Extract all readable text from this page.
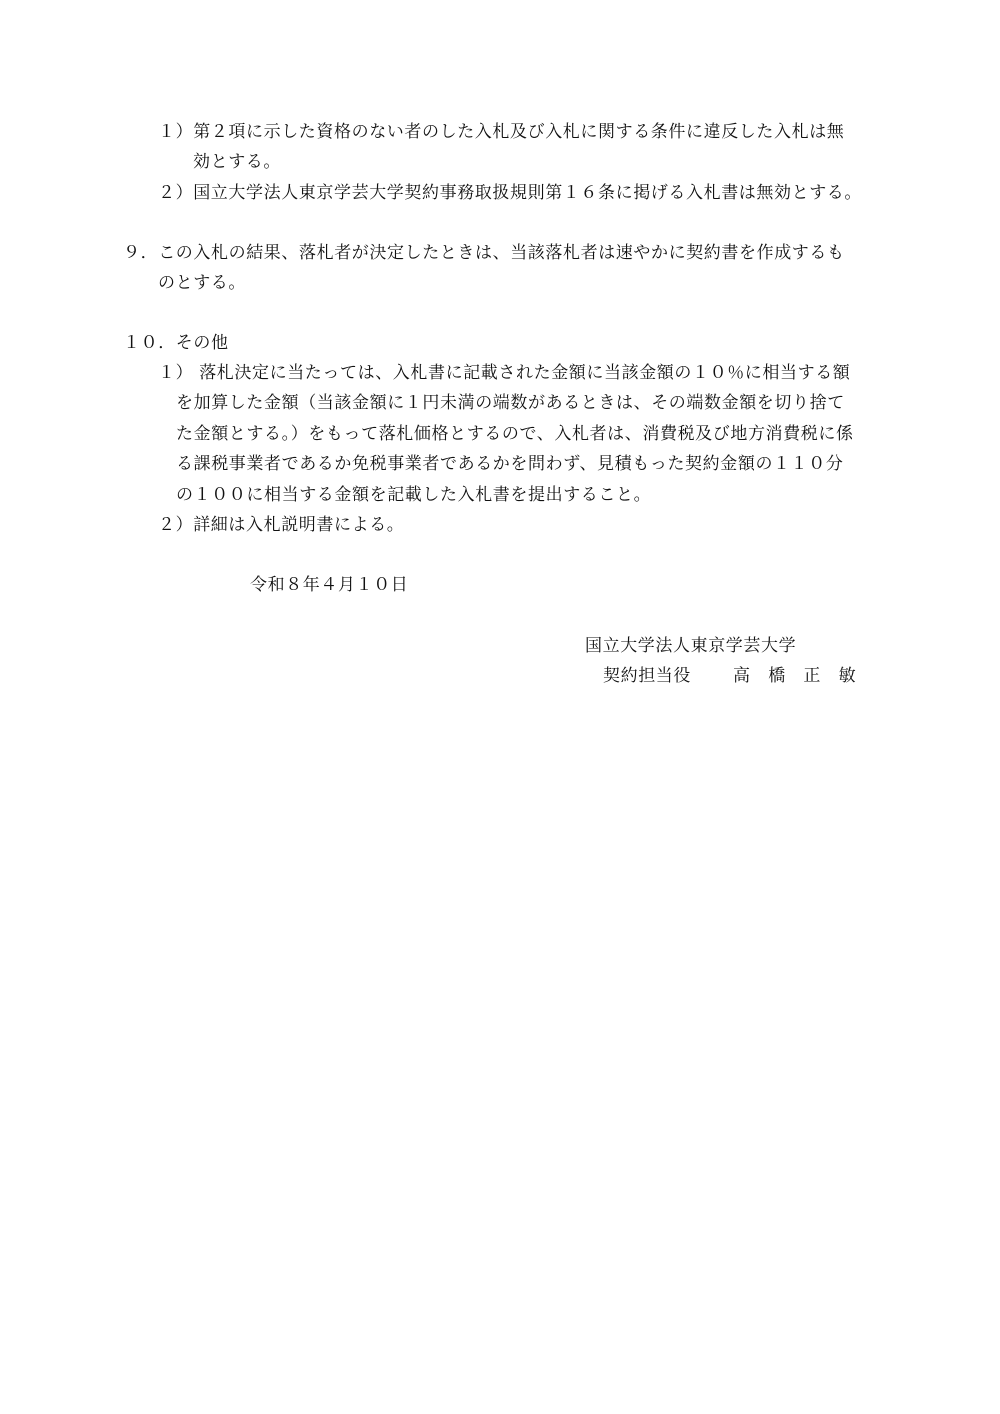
１）第２項に示した資格のない者のした入札及び入札に関する条件に違反した入札は無
効とする。
２）国立大学法人東京学芸大学契約事務取扱規則第１６条に掲げる入札書は無効とする。
９．この入札の結果、落札者が決定したときは、当該落札者は速やかに契約書を作成するも
のとする。
１０．その他
１） 落札決定に当たっては、入札書に記載された金額に当該金額の１０％に相当する額
を加算した金額（当該金額に１円未満の端数があるときは、その端数金額を切り捨て
た金額とする。）をもって落札価格とするので、入札者は、消費税及び地方消費税に係
る課税事業者であるか免税事業者であるかを問わず、見積もった契約金額の１１０分
の１００に相当する金額を記載した入札書を提出すること。
２）詳細は入札説明書による。
令和８年４月１０日
国立大学法人東京学芸大学
契約担当役 高　橋　正　敏
